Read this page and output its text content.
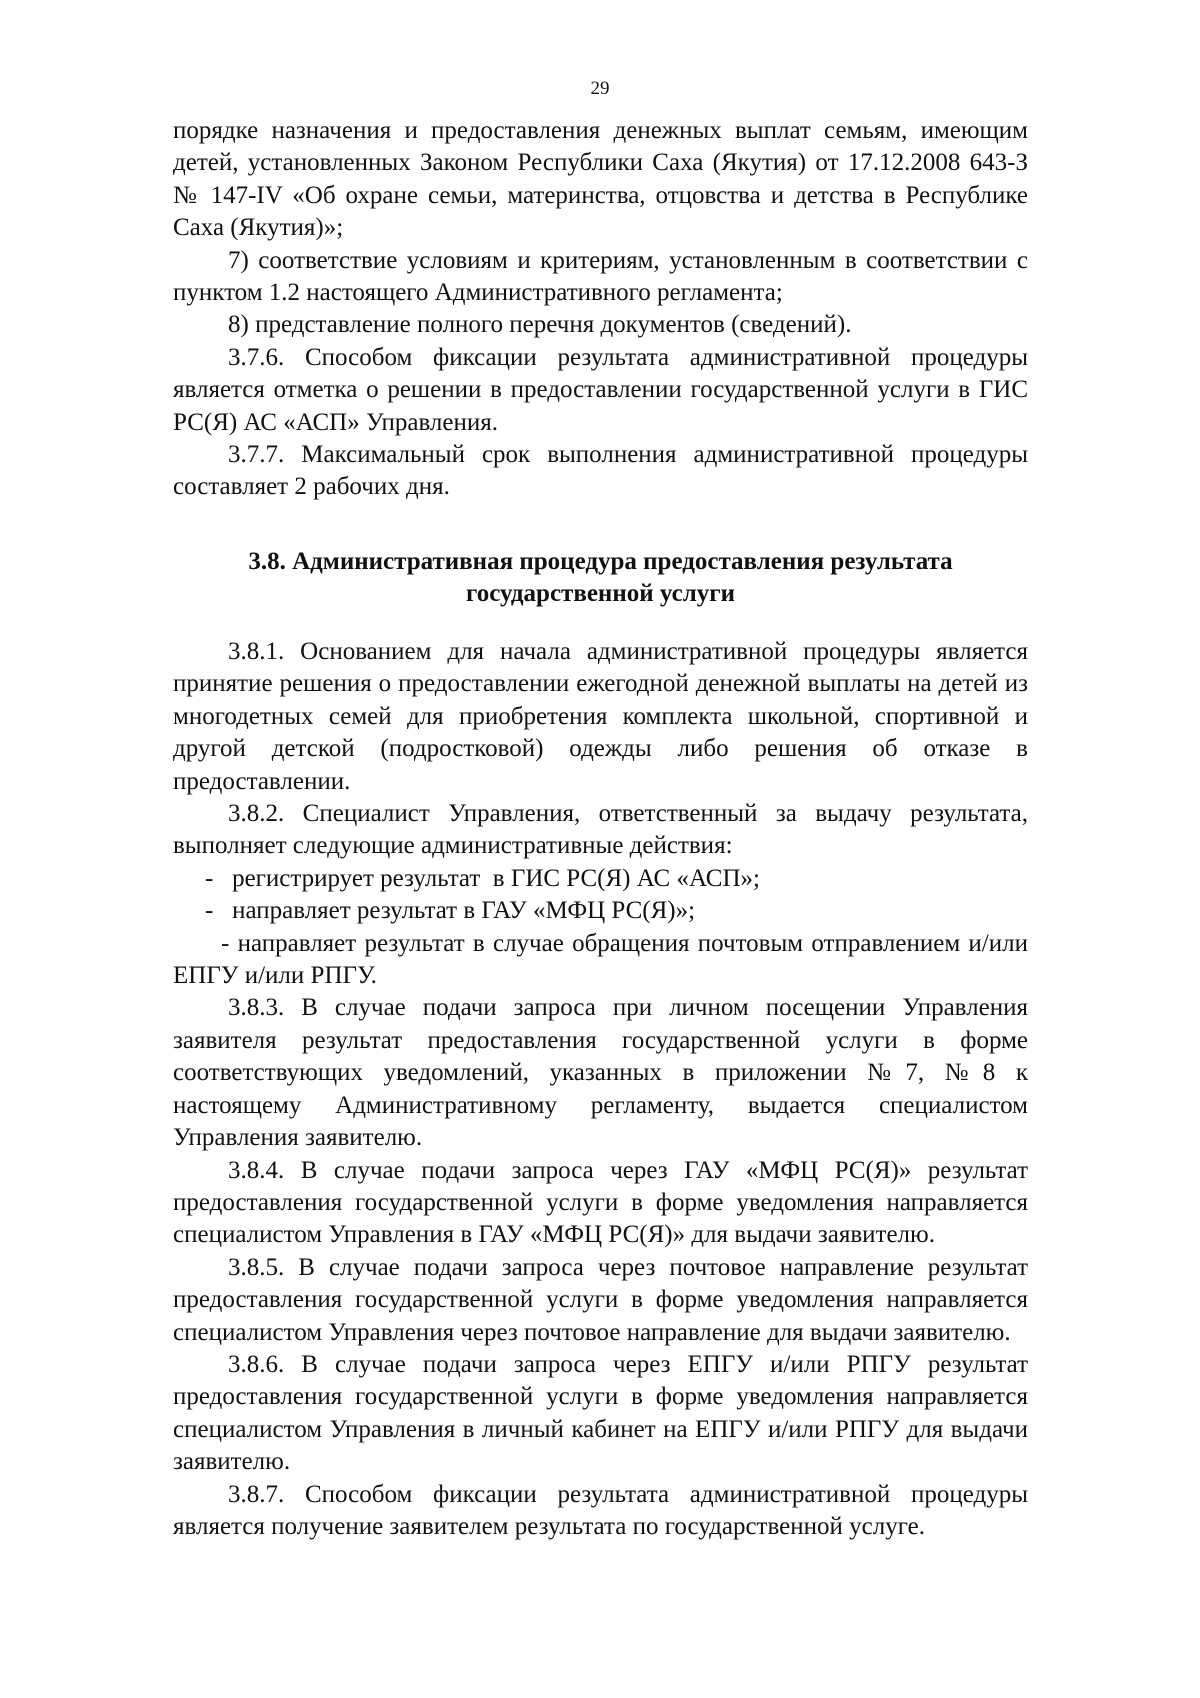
29

порядке назначения и предоставления денежных выплат семьям, имеющим детей, установленных Законом Республики Саха (Якутия) от 17.12.2008 643-З № 147-IV «Об охране семьи, материнства, отцовства и детства в Республике Саха (Якутия)»;

7) соответствие условиям и критериям, установленным в соответствии с пунктом 1.2 настоящего Административного регламента;

8) представление полного перечня документов (сведений).

3.7.6. Способом фиксации результата административной процедуры является отметка о решении в предоставлении государственной услуги в ГИС РС(Я) АС «АСП» Управления.

3.7.7. Максимальный срок выполнения административной процедуры составляет 2 рабочих дня.

3.8. Административная процедура предоставления результата
государственной услуги

3.8.1. Основанием для начала административной процедуры является принятие решения о предоставлении ежегодной денежной выплаты на детей из многодетных семей для приобретения комплекта школьной, спортивной и другой детской (подростковой) одежды либо решения об отказе в предоставлении.

3.8.2. Специалист Управления, ответственный за выдачу результата, выполняет следующие административные действия:

-   регистрирует результат  в ГИС РС(Я) АС «АСП»;

-   направляет результат в ГАУ «МФЦ РС(Я)»;

- направляет результат в случае обращения почтовым отправлением и/или ЕПГУ и/или РПГУ.

3.8.3. В случае подачи запроса при личном посещении Управления заявителя результат предоставления государственной услуги в форме соответствующих уведомлений, указанных в приложении №7, №8 к настоящему Административному регламенту, выдается специалистом Управления заявителю.

3.8.4. В случае подачи запроса через ГАУ «МФЦ РС(Я)» результат предоставления государственной услуги в форме уведомления направляется специалистом Управления в ГАУ «МФЦ РС(Я)» для выдачи заявителю.

3.8.5. В случае подачи запроса через почтовое направление результат предоставления государственной услуги в форме уведомления направляется специалистом Управления через почтовое направление для выдачи заявителю.

3.8.6. В случае подачи запроса через ЕПГУ и/или РПГУ результат предоставления государственной услуги в форме уведомления направляется специалистом Управления в личный кабинет на ЕПГУ и/или РПГУ для выдачи заявителю.

3.8.7. Способом фиксации результата административной процедуры является получение заявителем результата по государственной услуге.
